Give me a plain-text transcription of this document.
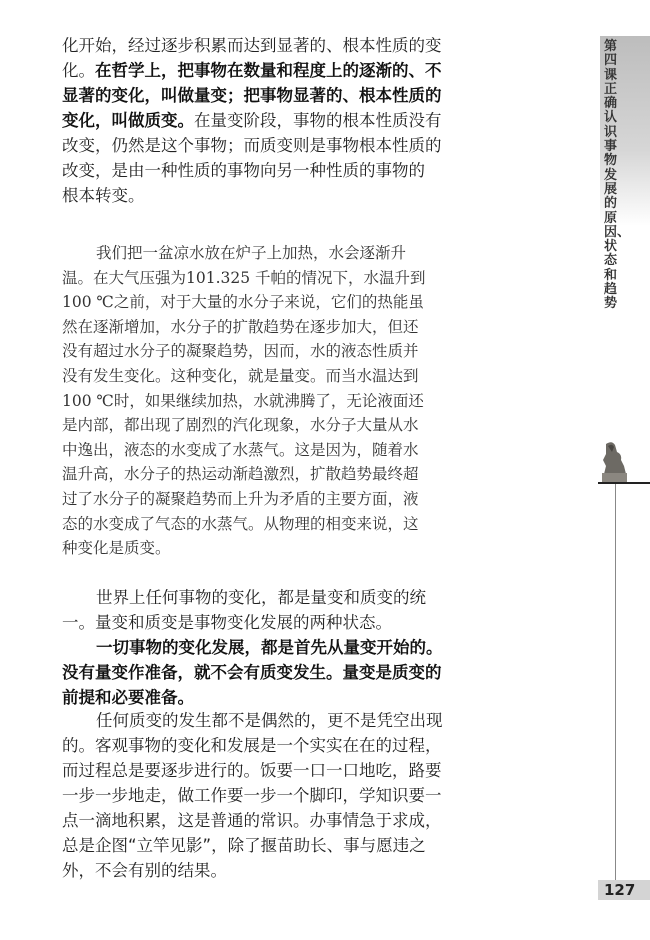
化开始，经过逐步积累而达到显著的、根本性质的变
化。在哲学上，把事物在数量和程度上的逐渐的、不
显著的变化，叫做量变；把事物显著的、根本性质的
变化，叫做质变。在量变阶段，事物的根本性质没有
改变，仍然是这个事物；而质变则是事物根本性质的
改变，是由一种性质的事物向另一种性质的事物的
根本转变。
我们把一盆凉水放在炉子上加热，水会逐渐升
温。在大气压强为101.325 千帕的情况下，水温升到
100 ℃之前，对于大量的水分子来说，它们的热能虽
然在逐渐增加，水分子的扩散趋势在逐步加大，但还
没有超过水分子的凝聚趋势，因而，水的液态性质并
没有发生变化。这种变化，就是量变。而当水温达到
100 ℃时，如果继续加热，水就沸腾了，无论液面还
是内部，都出现了剧烈的汽化现象，水分子大量从水
中逸出，液态的水变成了水蒸气。这是因为，随着水
温升高，水分子的热运动渐趋激烈，扩散趋势最终超
过了水分子的凝聚趋势而上升为矛盾的主要方面，液
态的水变成了气态的水蒸气。从物理的相变来说，这
种变化是质变。
世界上任何事物的变化，都是量变和质变的统
一。量变和质变是事物变化发展的两种状态。
一切事物的变化发展，都是首先从量变开始的。
没有量变作准备，就不会有质变发生。量变是质变的
前提和必要准备。
任何质变的发生都不是偶然的，更不是凭空出现
的。客观事物的变化和发展是一个实实在在的过程，
而过程总是要逐步进行的。饭要一口一口地吃，路要
一步一步地走，做工作要一步一个脚印，学知识要一
点一滴地积累，这是普通的常识。办事情急于求成，
总是企图“立竿见影”，除了揠苗助长、事与愿违之
外，不会有别的结果。
第四课 正确认识事物发展的原因、状态和趋势
127
